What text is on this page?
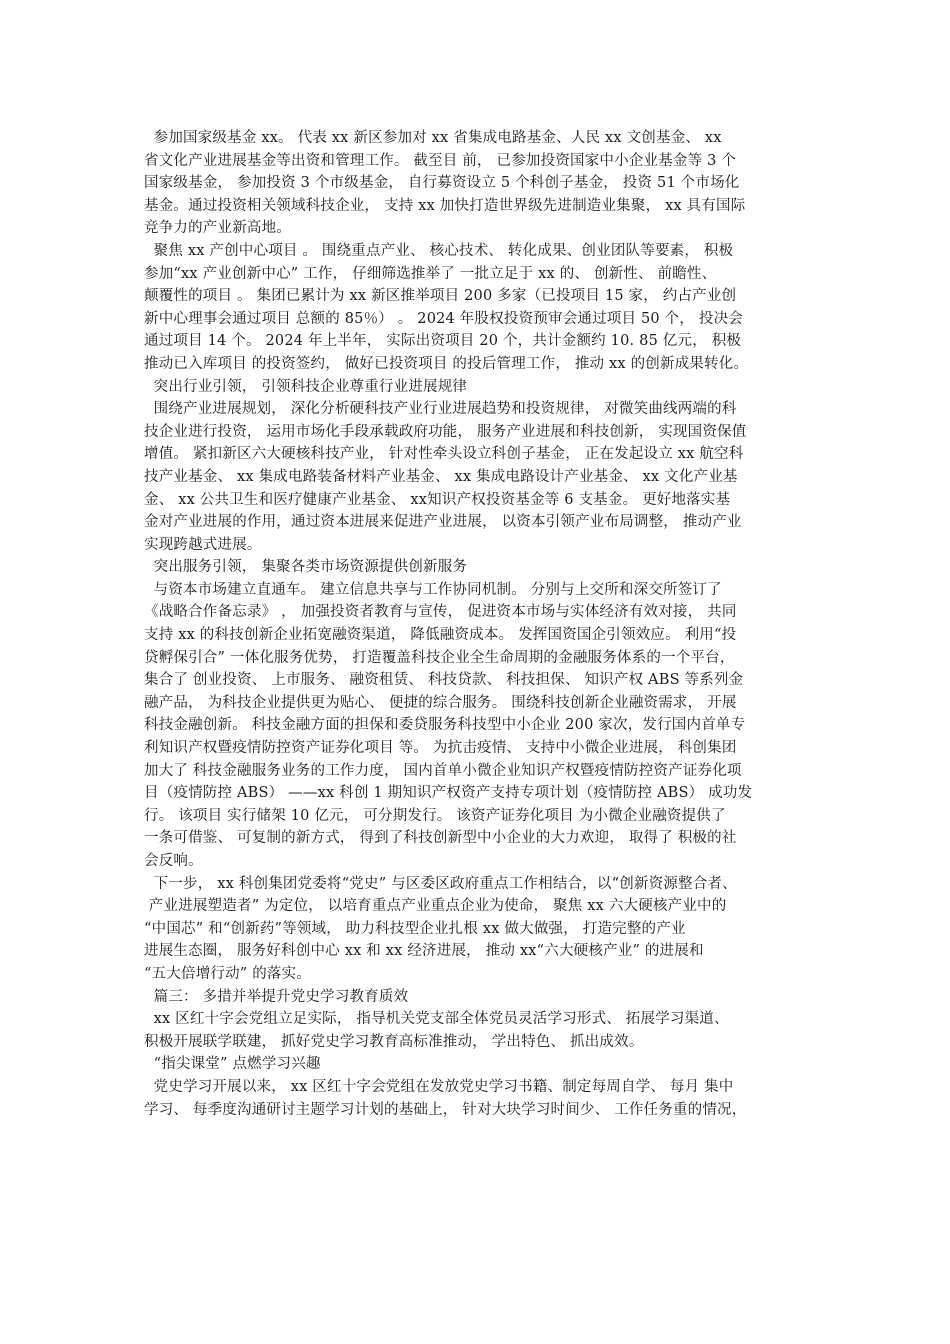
参加国家级基金 xx。 代表 xx 新区参加对 xx 省集成电路基金、人民 xx 文创基金、 xx
省文化产业进展基金等出资和管理工作。 截至目 前， 已参加投资国家中小企业基金等 3 个
国家级基金， 参加投资 3 个市级基金， 自行募资设立 5 个科创子基金， 投资 51 个市场化
基金。通过投资相关领域科技企业， 支持 xx 加快打造世界级先进制造业集聚， xx 具有国际
竞争力的产业新高地。
聚焦 xx 产创中心项目 。 围绕重点产业、 核心技术、 转化成果、创业团队等要素， 积极
参加“xx 产业创新中心” 工作， 仔细筛选推举了 一批立足于 xx 的、 创新性、 前瞻性、
颠覆性的项目 。 集团已累计为 xx 新区推举项目 200 多家（已投项目 15 家， 约占产业创
新中心理事会通过项目 总额的 85％） 。 2024 年股权投资预审会通过项目 50 个， 投决会
通过项目 14 个。 2024 年上半年， 实际出资项目 20 个，共计金额约 10. 85 亿元， 积极
推动已入库项目 的投资签约， 做好已投资项目 的投后管理工作， 推动 xx 的创新成果转化。
突出行业引领， 引领科技企业尊重行业进展规律
围绕产业进展规划， 深化分析硬科技产业行业进展趋势和投资规律， 对微笑曲线两端的科
技企业进行投资， 运用市场化手段承载政府功能， 服务产业进展和科技创新， 实现国资保值
增值。 紧扣新区六大硬核科技产业， 针对性牵头设立科创子基金， 正在发起设立 xx 航空科
技产业基金、 xx 集成电路装备材料产业基金、 xx 集成电路设计产业基金、 xx 文化产业基
金、 xx 公共卫生和医疗健康产业基金、 xx知识产权投资基金等 6 支基金。 更好地落实基
金对产业进展的作用，通过资本进展来促进产业进展， 以资本引领产业布局调整， 推动产业
实现跨越式进展。
突出服务引领， 集聚各类市场资源提供创新服务
与资本市场建立直通车。 建立信息共享与工作协同机制。 分别与上交所和深交所签订了
《战略合作备忘录》 ， 加强投资者教育与宣传， 促进资本市场与实体经济有效对接， 共同
支持 xx 的科技创新企业拓宽融资渠道， 降低融资成本。 发挥国资国企引领效应。 利用“投
贷孵保引合” 一体化服务优势， 打造覆盖科技企业全生命周期的金融服务体系的一个平台，
集合了 创业投资、 上市服务、 融资租赁、 科技贷款、 科技担保、 知识产权 ABS 等系列金
融产品， 为科技企业提供更为贴心、 便捷的综合服务。 围绕科技创新企业融资需求， 开展
科技金融创新。 科技金融方面的担保和委贷服务科技型中小企业 200 家次，发行国内首单专
利知识产权暨疫情防控资产证券化项目 等。 为抗击疫情、 支持中小微企业进展， 科创集团
加大了 科技金融服务业务的工作力度， 国内首单小微企业知识产权暨疫情防控资产证券化项
目（疫情防控 ABS） ——xx 科创 1 期知识产权资产支持专项计划（疫情防控 ABS） 成功发
行。 该项目 实行储架 10 亿元， 可分期发行。 该资产证券化项目 为小微企业融资提供了
一条可借鉴、 可复制的新方式， 得到了科技创新型中小企业的大力欢迎， 取得了 积极的社
会反响。
下一步， xx 科创集团党委将“党史” 与区委区政府重点工作相结合，以“创新资源整合者、
产业进展塑造者” 为定位， 以培育重点产业重点企业为使命， 聚焦 xx 六大硬核产业中的
“中国芯” 和“创新药”等领域， 助力科技型企业扎根 xx 做大做强， 打造完整的产业
进展生态圈， 服务好科创中心 xx 和 xx 经济进展， 推动 xx“六大硬核产业” 的进展和
“五大倍增行动” 的落实。
篇三： 多措并举提升党史学习教育质效
xx 区红十字会党组立足实际， 指导机关党支部全体党员灵活学习形式、 拓展学习渠道、
积极开展联学联建， 抓好党史学习教育高标准推动， 学出特色、 抓出成效。
“指尖课堂” 点燃学习兴趣
党史学习开展以来， xx 区红十字会党组在发放党史学习书籍、制定每周自学、 每月 集中
学习、 每季度沟通研讨主题学习计划的基础上， 针对大块学习时间少、 工作任务重的情况，
